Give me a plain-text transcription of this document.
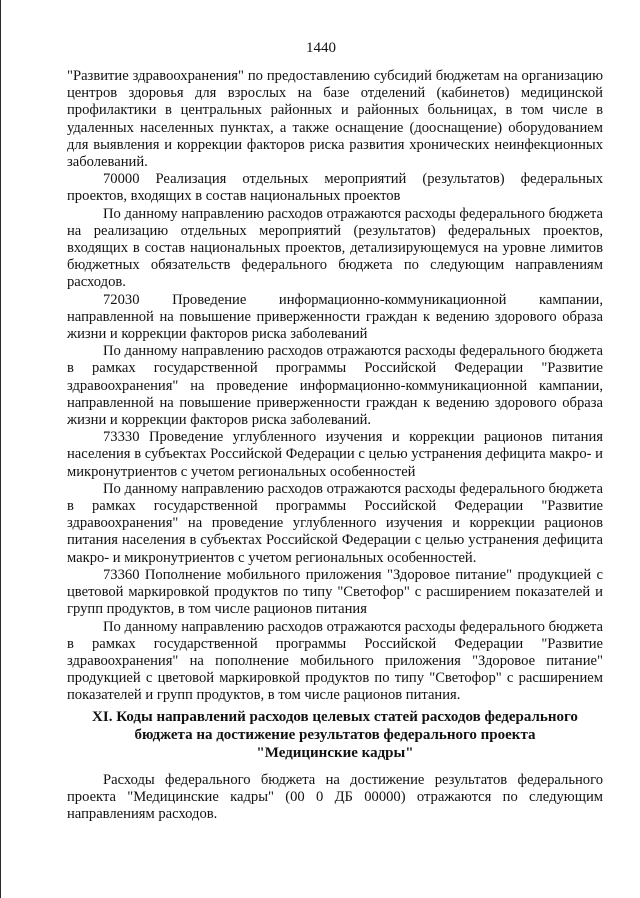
1440

"Развитие здравоохранения" по предоставлению субсидий бюджетам на организацию центров здоровья для взрослых на базе отделений (кабинетов) медицинской профилактики в центральных районных и районных больницах, в том числе в удаленных населенных пунктах, а также оснащение (дооснащение) оборудованием для выявления и коррекции факторов риска развития хронических неинфекционных заболеваний.

70000 Реализация отдельных мероприятий (результатов) федеральных проектов, входящих в состав национальных проектов

По данному направлению расходов отражаются расходы федерального бюджета на реализацию отдельных мероприятий (результатов) федеральных проектов, входящих в состав национальных проектов, детализирующемуся на уровне лимитов бюджетных обязательств федерального бюджета по следующим направлениям расходов.

72030 Проведение информационно-коммуникационной кампании, направленной на повышение приверженности граждан к ведению здорового образа жизни и коррекции факторов риска заболеваний

По данному направлению расходов отражаются расходы федерального бюджета в рамках государственной программы Российской Федерации "Развитие здравоохранения" на проведение информационно-коммуникационной кампании, направленной на повышение приверженности граждан к ведению здорового образа жизни и коррекции факторов риска заболеваний.

73330 Проведение углубленного изучения и коррекции рационов питания населения в субъектах Российской Федерации с целью устранения дефицита макро- и микронутриентов с учетом региональных особенностей

По данному направлению расходов отражаются расходы федерального бюджета в рамках государственной программы Российской Федерации "Развитие здравоохранения" на проведение углубленного изучения и коррекции рационов питания населения в субъектах Российской Федерации с целью устранения дефицита макро- и микронутриентов с учетом региональных особенностей.

73360 Пополнение мобильного приложения "Здоровое питание" продукцией с цветовой маркировкой продуктов по типу "Светофор" с расширением показателей и групп продуктов, в том числе рационов питания

По данному направлению расходов отражаются расходы федерального бюджета в рамках государственной программы Российской Федерации "Развитие здравоохранения" на пополнение мобильного приложения "Здоровое питание" продукцией с цветовой маркировкой продуктов по типу "Светофор" с расширением показателей и групп продуктов, в том числе рационов питания.

XI. Коды направлений расходов целевых статей расходов федерального

бюджета на достижение результатов федерального проекта

"Медицинские кадры"

Расходы федерального бюджета на достижение результатов федерального проекта "Медицинские кадры" (00 0 ДБ 00000) отражаются по следующим направлениям расходов.
